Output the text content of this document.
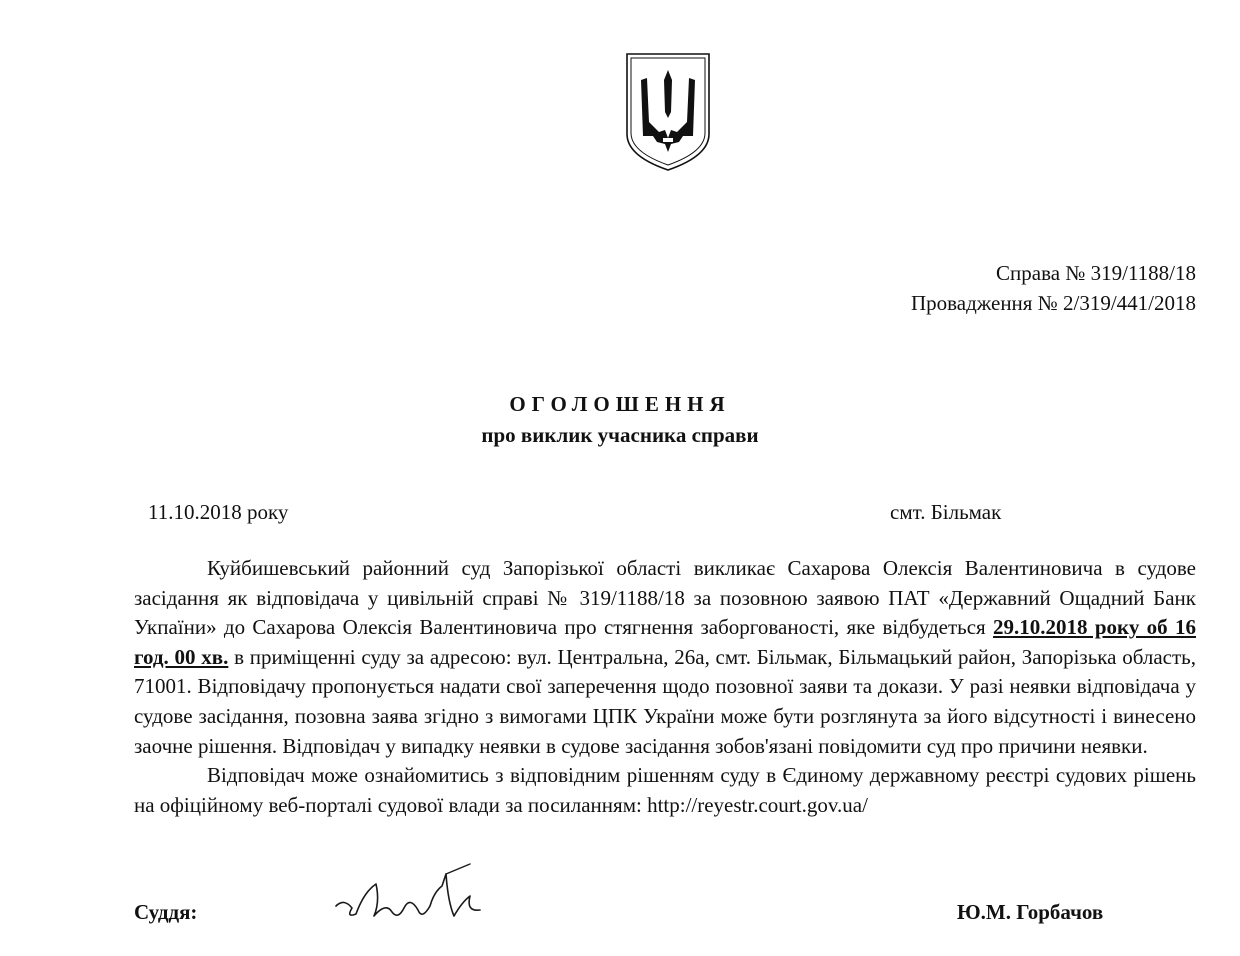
Справа № 319/1188/18
Провадження № 2/319/441/2018
ОГОЛОШЕННЯ
про виклик учасника справи
11.10.2018 року	смт. Більмак

Куйбишевський районний суд Запорізької області викликає Сахарова Олексія Валентиновича в судове засідання як відповідача у цивільній справі № 319/1188/18 за позовною заявою ПАТ «Державний Ощадний Банк Укпаїни» до Сахарова Олексія Валентиновича про стягнення заборгованості, яке відбудеться 29.10.2018 року об 16 год. 00 хв. в приміщенні суду за адресою: вул. Центральна, 26а, смт. Більмак, Більмацький район, Запорізька область, 71001. Відповідачу пропонується надати свої заперечення щодо позовної заяви та докази. У разі неявки відповідача у судове засідання, позовна заява згідно з вимогами ЦПК України може бути розглянута за його відсутності і винесено заочне рішення. Відповідач у випадку неявки в судове засідання зобов'язані повідомити суд про причини неявки.

Відповідач може ознайомитись з відповідним рішенням суду в Єдиному державному реєстрі судових рішень на офіційному веб-порталі судової влади за посиланням: http://reyestr.court.gov.ua/

Суддя:	Ю.М. Горбачов
